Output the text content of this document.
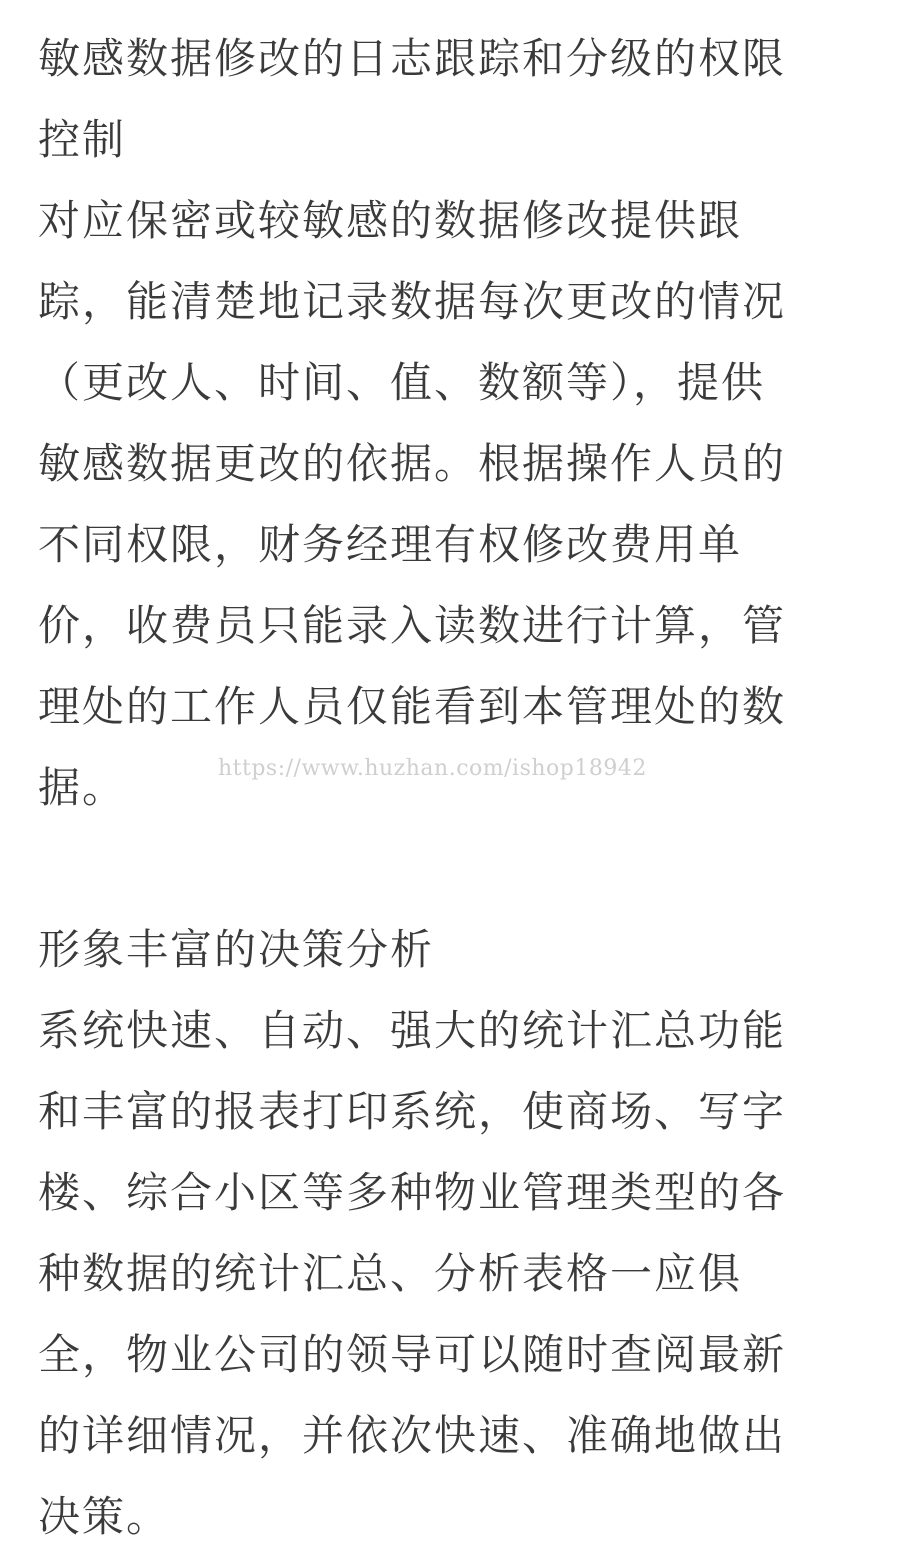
敏感数据修改的日志跟踪和分级的权限
控制
对应保密或较敏感的数据修改提供跟
踪，能清楚地记录数据每次更改的情况
（更改人、时间、值、数额等），提供
敏感数据更改的依据。根据操作人员的
不同权限，财务经理有权修改费用单
价，收费员只能录入读数进行计算，管
理处的工作人员仅能看到本管理处的数
据。
形象丰富的决策分析
系统快速、自动、强大的统计汇总功能
和丰富的报表打印系统，使商场、写字
楼、综合小区等多种物业管理类型的各
种数据的统计汇总、分析表格一应俱
全，物业公司的领导可以随时查阅最新
的详细情况，并依次快速、准确地做出
决策。
https://www.huzhan.com/ishop18942
